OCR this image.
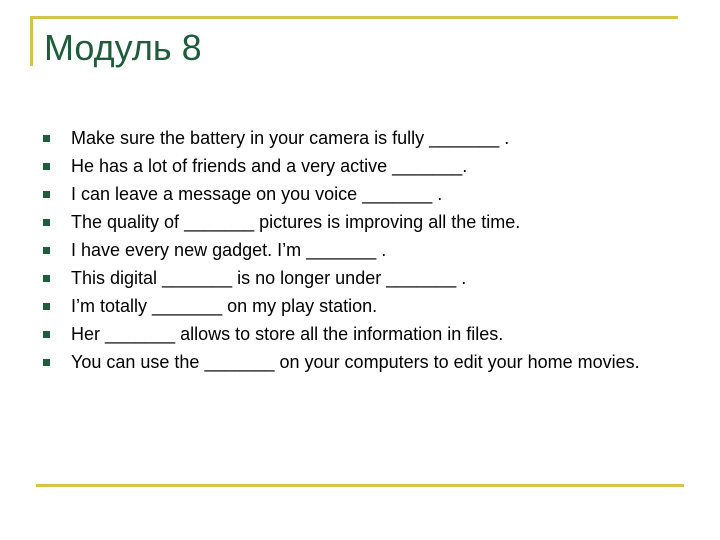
Модуль 8
Make sure the battery in your camera is fully _______ .
He has a lot of friends and a very active _______.
I can leave a message on you voice _______ .
The quality of _______ pictures is improving all the time.
I have every new gadget. I’m _______ .
This digital _______ is no longer under _______ .
I’m totally _______ on my play station.
Her _______ allows to store all the information in files.
You can use the _______ on your computers to edit your home movies.
